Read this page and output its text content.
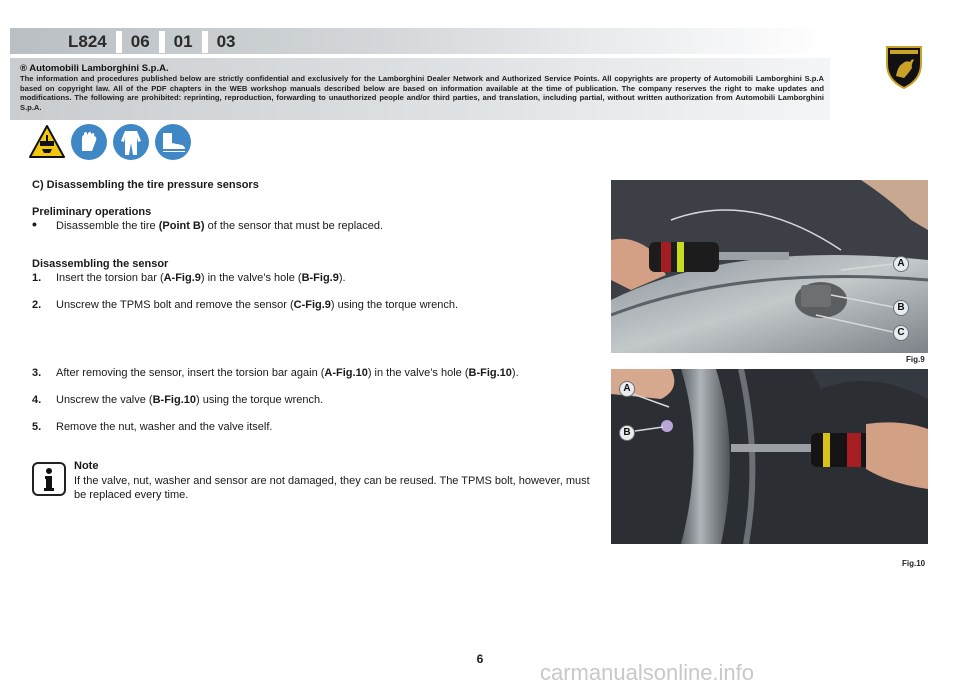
L824 06 01 03
® Automobili Lamborghini S.p.A.
The information and procedures published below are strictly confidential and exclusively for the Lamborghini Dealer Network and Authorized Service Points. All copyrights are property of Automobili Lamborghini S.p.A based on copyright law. All of the PDF chapters in the WEB workshop manuals described below are based on information available at the time of publication. The company reserves the right to make updates and modifications. The following are prohibited: reprinting, reproduction, forwarding to unauthorized people and/or third parties, and translation, including partial, without written authorization from Automobili Lamborghini S.p.A.
C) Disassembling the tire pressure sensors
Preliminary operations
• Disassemble the tire (Point B) of the sensor that must be replaced.
Disassembling the sensor
1. Insert the torsion bar (A-Fig.9) in the valve’s hole (B-Fig.9).
2. Unscrew the TPMS bolt and remove the sensor (C-Fig.9) using the torque wrench.
3. After removing the sensor, insert the torsion bar again (A-Fig.10) in the valve’s hole (B-Fig.10).
4. Unscrew the valve (B-Fig.10) using the torque wrench.
5. Remove the nut, washer and the valve itself.
Note
If the valve, nut, washer and sensor are not damaged, they can be reused. The TPMS bolt, however, must be replaced every time.
A
B
C
Fig.9
A
B
Fig.10
6
carmanualsonline.info
